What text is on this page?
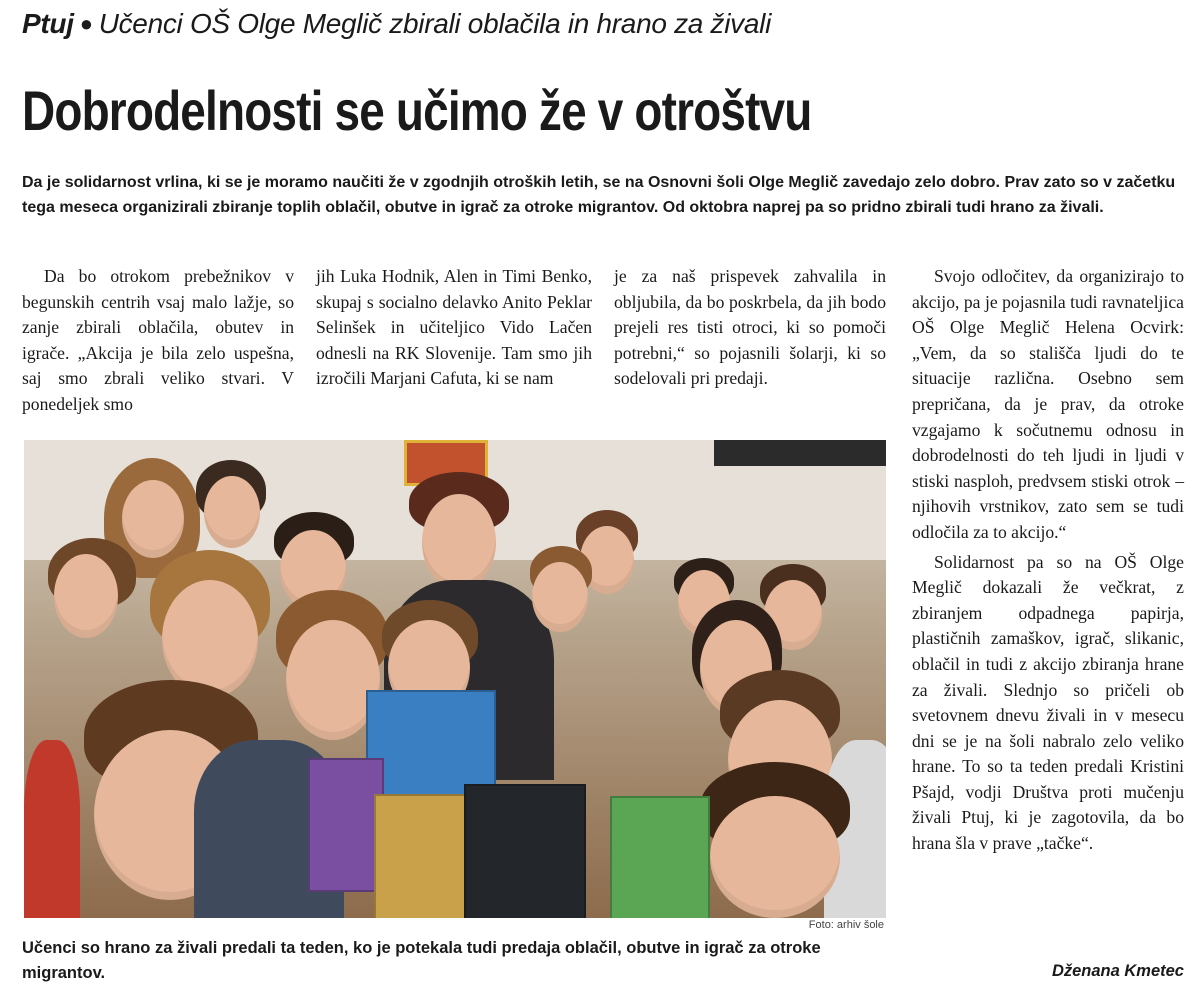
Ptuj ● Učenci OŠ Olge Meglič zbirali oblačila in hrano za živali
Dobrodelnosti se učimo že v otroštvu

Da je solidarnost vrlina, ki se je moramo naučiti že v zgodnjih otroških letih, se na Osnovni šoli Olge Meglič zavedajo zelo dobro. Prav zato so v začetku tega meseca organizirali zbiranje toplih oblačil, obutve in igrač za otroke migrantov. Od oktobra naprej pa so pridno zbirali tudi hrano za živali.

Da bo otrokom prebežnikov v begunskih centrih vsaj malo lažje, so zanje zbirali oblačila, obutev in igrače. „Akcija je bila zelo uspešna, saj smo zbrali veliko stvari. V ponedeljek smo

jih Luka Hodnik, Alen in Timi Benko, skupaj s socialno delavko Anito Peklar Selinšek in učiteljico Vido Lačen odnesli na RK Slovenije. Tam smo jih izročili Marjani Cafuta, ki se nam

je za naš prispevek zahvalila in obljubila, da bo poskrbela, da jih bodo prejeli res tisti otroci, ki so pomoči potrebni,“ so pojasnili šolarji, ki so sodelovali pri predaji.

Svojo odločitev, da organizirajo to akcijo, pa je pojasnila tudi ravnateljica OŠ Olge Meglič Helena Ocvirk: „Vem, da so stališča ljudi do te situacije različna. Osebno sem prepričana, da je prav, da otroke vzgajamo k sočutnemu odnosu in dobrodelnosti do teh ljudi in ljudi v stiski nasploh, predvsem stiski otrok – njihovih vrstnikov, zato sem se tudi odločila za to akcijo.“

Solidarnost pa so na OŠ Olge Meglič dokazali že večkrat, z zbiranjem odpadnega papirja, plastičnih zamaškov, igrač, slikanic, oblačil in tudi z akcijo zbiranja hrane za živali. Slednjo so pričeli ob svetovnem dnevu živali in v mesecu dni se je na šoli nabralo zelo veliko hrane. To so ta teden predali Kristini Pšajd, vodji Društva proti mučenju živali Ptuj, ki je zagotovila, da bo hrana šla v prave „tačke“.

Foto: arhiv šole
Učenci so hrano za živali predali ta teden, ko je potekala tudi predaja oblačil, obutve in igrač za otroke migrantov.	Dženana Kmetec
